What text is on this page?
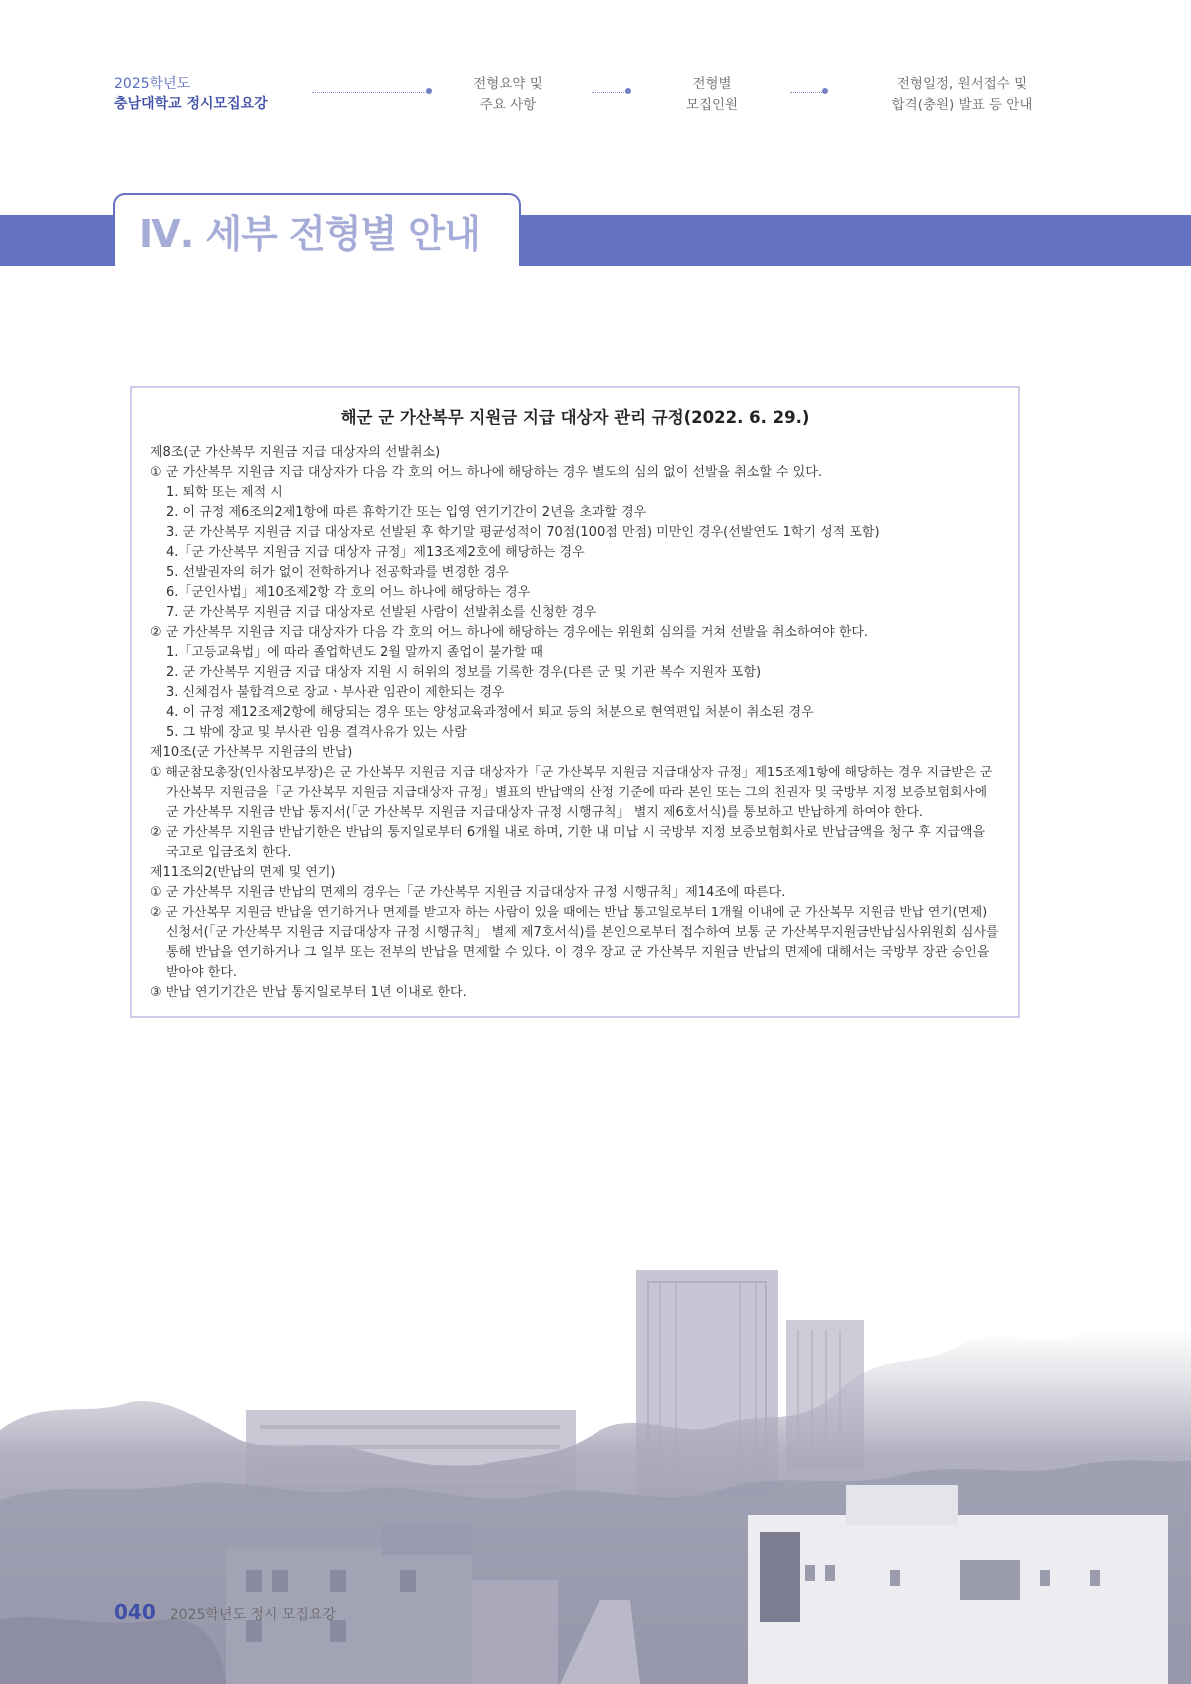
2025학년도
충남대학교 정시모집요강
전형요약 및
주요 사항
전형별
모집인원
전형일정, 원서접수 및
합격(충원) 발표 등 안내
Ⅳ. 세부 전형별 안내
해군 군 가산복무 지원금 지급 대상자 관리 규정(2022. 6. 29.)
제8조(군 가산복무 지원금 지급 대상자의 선발취소)
① 군 가산복무 지원금 지급 대상자가 다음 각 호의 어느 하나에 해당하는 경우 별도의 심의 없이 선발을 취소할 수 있다.
1. 퇴학 또는 제적 시
2. 이 규정 제6조의2제1항에 따른 휴학기간 또는 입영 연기기간이 2년을 초과할 경우
3. 군 가산복무 지원금 지급 대상자로 선발된 후 학기말 평균성적이 70점(100점 만점) 미만인 경우(선발연도 1학기 성적 포함)
4.「군 가산복무 지원금 지급 대상자 규정」제13조제2호에 해당하는 경우
5. 선발권자의 허가 없이 전학하거나 전공학과를 변경한 경우
6.「군인사법」제10조제2항 각 호의 어느 하나에 해당하는 경우
7. 군 가산복무 지원금 지급 대상자로 선발된 사람이 선발취소를 신청한 경우
② 군 가산복무 지원금 지급 대상자가 다음 각 호의 어느 하나에 해당하는 경우에는 위원회 심의를 거쳐 선발을 취소하여야 한다.
1.「고등교육법」에 따라 졸업학년도 2월 말까지 졸업이 불가할 때
2. 군 가산복무 지원금 지급 대상자 지원 시 허위의 정보를 기록한 경우(다른 군 및 기관 복수 지원자 포함)
3. 신체검사 불합격으로 장교ㆍ부사관 임관이 제한되는 경우
4. 이 규정 제12조제2항에 해당되는 경우 또는 양성교육과정에서 퇴교 등의 처분으로 현역편입 처분이 취소된 경우
5. 그 밖에 장교 및 부사관 임용 결격사유가 있는 사람
제10조(군 가산복무 지원금의 반납)
① 해군참모총장(인사참모부장)은 군 가산복무 지원금 지급 대상자가「군 가산복무 지원금 지급대상자 규정」제15조제1항에 해당하는 경우 지급받은 군
가산복무 지원금을「군 가산복무 지원금 지급대상자 규정」별표의 반납액의 산정 기준에 따라 본인 또는 그의 친권자 및 국방부 지정 보증보험회사에
군 가산복무 지원금 반납 통지서(「군 가산복무 지원금 지급대상자 규정 시행규칙」 별지 제6호서식)를 통보하고 반납하게 하여야 한다.
② 군 가산복무 지원금 반납기한은 반납의 통지일로부터 6개월 내로 하며, 기한 내 미납 시 국방부 지정 보증보험회사로 반납금액을 청구 후 지급액을
국고로 입금조치 한다.
제11조의2(반납의 면제 및 연기)
① 군 가산복무 지원금 반납의 면제의 경우는「군 가산복무 지원금 지급대상자 규정 시행규칙」제14조에 따른다.
② 군 가산복무 지원금 반납을 연기하거나 면제를 받고자 하는 사람이 있을 때에는 반납 통고일로부터 1개월 이내에 군 가산복무 지원금 반납 연기(면제)
신청서(「군 가산복무 지원금 지급대상자 규정 시행규칙」 별제 제7호서식)를 본인으로부터 접수하여 보통 군 가산복무지원금반납심사위원회 심사를
통해 반납을 연기하거나 그 일부 또는 전부의 반납을 면제할 수 있다. 이 경우 장교 군 가산복무 지원금 반납의 면제에 대해서는 국방부 장관 승인을
받아야 한다.
③ 반납 연기기간은 반납 통지일로부터 1년 이내로 한다.
040 2025학년도 정시 모집요강
